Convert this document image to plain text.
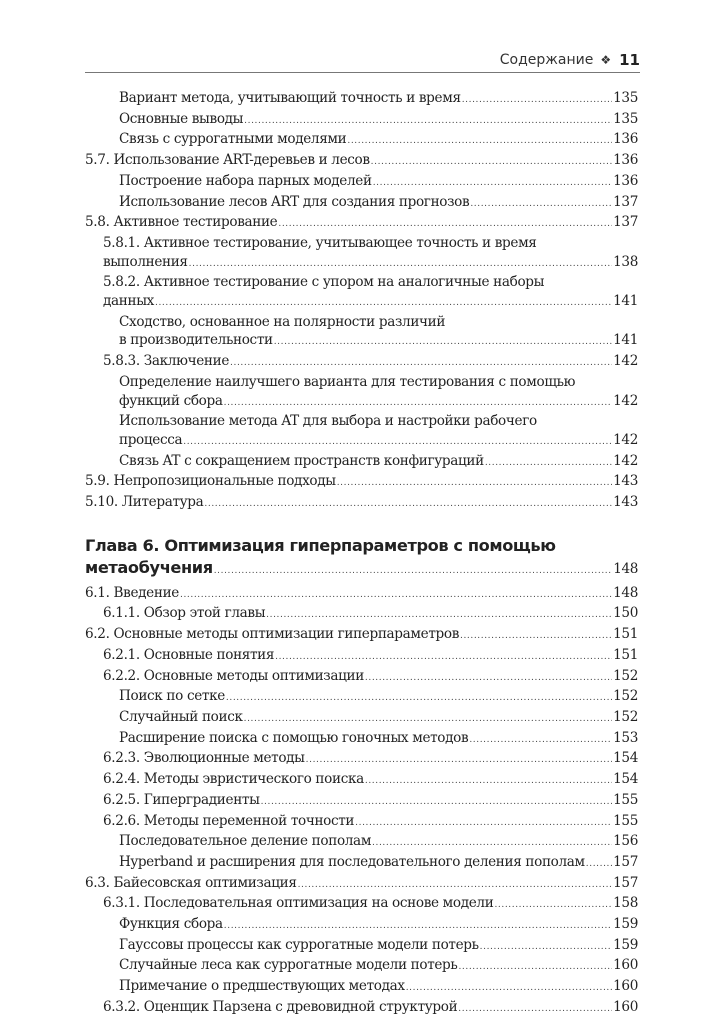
Содержание ❖ 11
Вариант метода, учитывающий точность и время .....	135
Основные выводы .....	135
Связь с суррогатными моделями .....	136
5.7. Использование ART-деревьев и лесов .....	136
Построение набора парных моделей .....	136
Использование лесов ART для создания прогнозов .....	137
5.8. Активное тестирование .....	137
5.8.1. Активное тестирование, учитывающее точность и время
выполнения .....	138
5.8.2. Активное тестирование с упором на аналогичные наборы
данных .....	141
Сходство, основанное на полярности различий
в производительности .....	141
5.8.3. Заключение .....	142
Определение наилучшего варианта для тестирования с помощью
функций сбора .....	142
Использование метода AT для выбора и настройки рабочего
процесса .....	142
Связь AT с сокращением пространств конфигураций .....	142
5.9. Непропозициональные подходы .....	143
5.10. Литература .....	143
Глава 6. Оптимизация гиперпараметров с помощью
метаобучения .....	148
6.1. Введение .....	148
6.1.1. Обзор этой главы .....	150
6.2. Основные методы оптимизации гиперпараметров .....	151
6.2.1. Основные понятия .....	151
6.2.2. Основные методы оптимизации .....	152
Поиск по сетке .....	152
Случайный поиск .....	152
Расширение поиска с помощью гоночных методов .....	153
6.2.3. Эволюционные методы .....	154
6.2.4. Методы эвристического поиска .....	154
6.2.5. Гиперградиенты .....	155
6.2.6. Методы переменной точности .....	155
Последовательное деление пополам .....	156
Hyperband и расширения для последовательного деления пополам ..... 157
6.3. Байесовская оптимизация .....	157
6.3.1. Последовательная оптимизация на основе модели .....	158
Функция сбора .....	159
Гауссовы процессы как суррогатные модели потерь .....	159
Случайные леса как суррогатные модели потерь .....	160
Примечание о предшествующих методах .....	160
6.3.2. Оценщик Парзена с древовидной структурой .....	160
